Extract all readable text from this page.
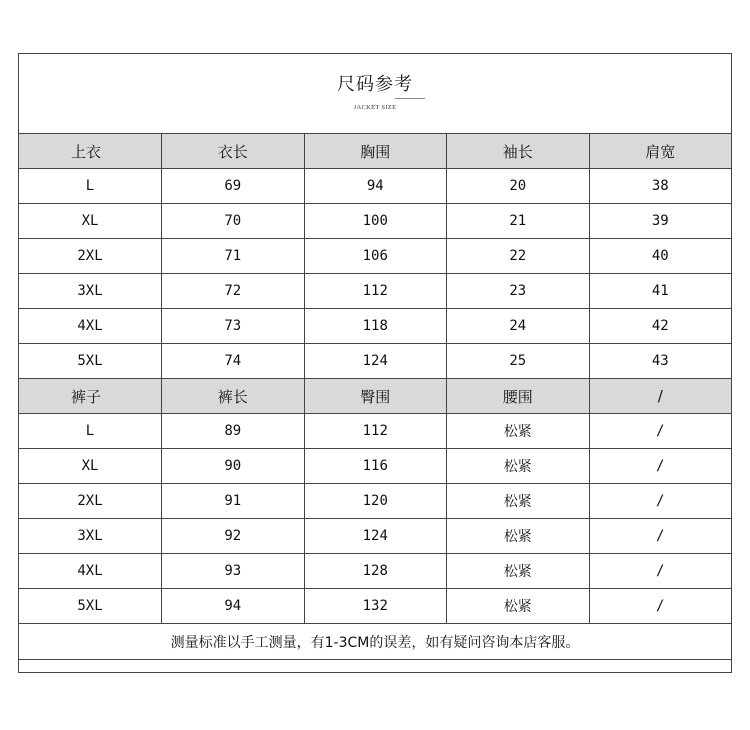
尺码参考
JACKET SIZE
上衣	衣长	胸围	袖长	肩宽
L	69	94	20	38
XL	70	100	21	39
2XL	71	106	22	40
3XL	72	112	23	41
4XL	73	118	24	42
5XL	74	124	25	43
裤子	裤长	臀围	腰围	/
L	89	112	松紧	/
XL	90	116	松紧	/
2XL	91	120	松紧	/
3XL	92	124	松紧	/
4XL	93	128	松紧	/
5XL	94	132	松紧	/
测量标准以手工测量，有1-3CM的误差，如有疑问咨询本店客服。				
